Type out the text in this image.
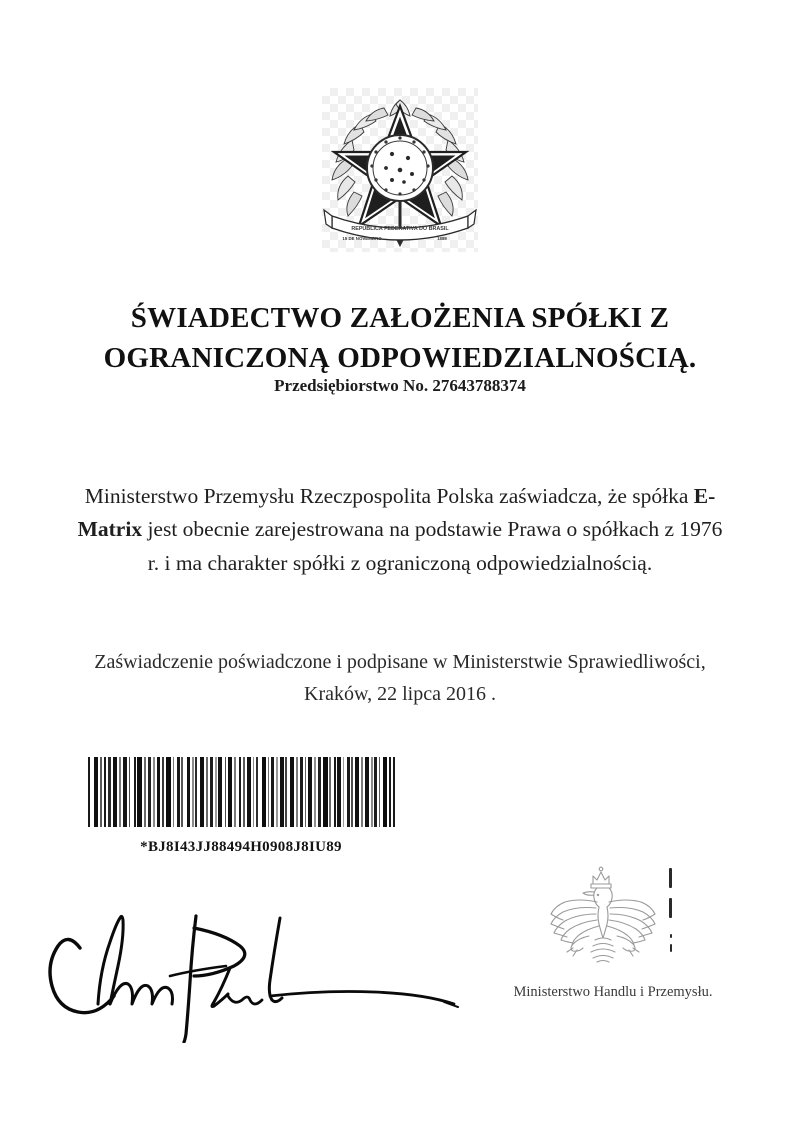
REPÚBLICA FEDERATIVA DO BRASIL
15 DE NOVEMBRO	1889
ŚWIADECTWO ZAŁOŻENIA SPÓŁKI Z
OGRANICZONĄ ODPOWIEDZIALNOŚCIĄ.
Przedsiębiorstwo No. 27643788374

Ministerstwo Przemysłu Rzeczpospolita Polska zaświadcza, że spółka E-Matrix jest obecnie zarejestrowana na podstawie Prawa o spółkach z 1976 r. i ma charakter spółki z ograniczoną odpowiedzialnością.

Zaświadczenie poświadczone i podpisane w Ministerstwie Sprawiedliwości, Kraków, 22 lipca 2016 .

*BJ8I43JJ88494H0908J8IU89
Ministerstwo Handlu i Przemysłu.
